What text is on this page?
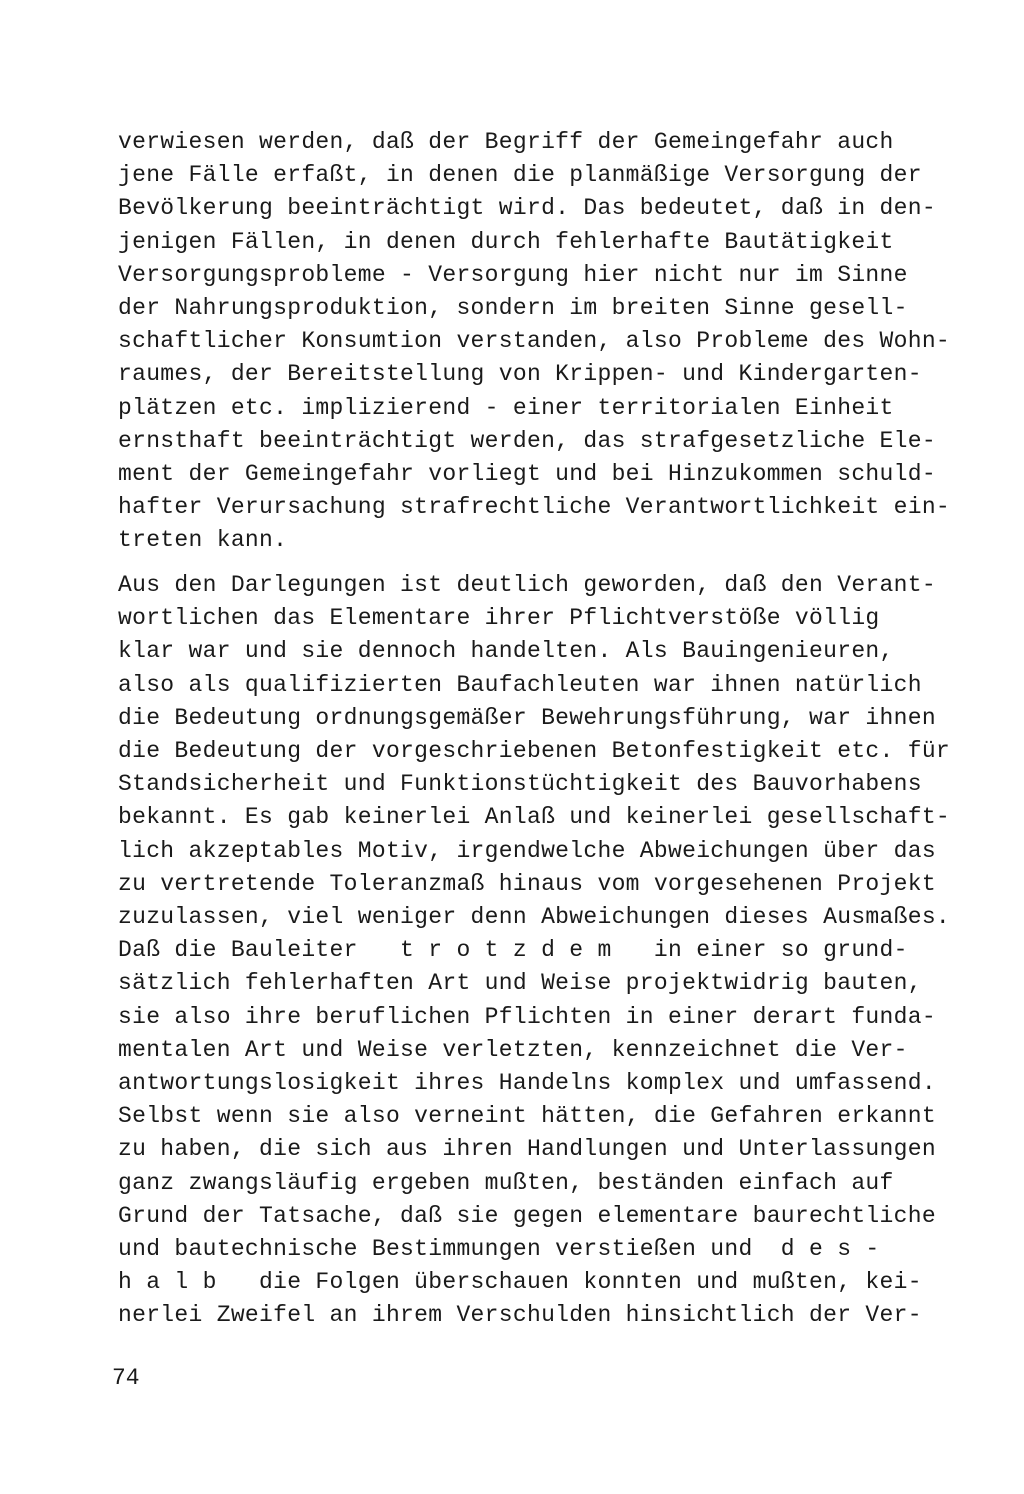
verwiesen werden, daß der Begriff der Gemeingefahr auch
jene Fälle erfaßt, in denen die planmäßige Versorgung der
Bevölkerung beeinträchtigt wird. Das bedeutet, daß in den-
jenigen Fällen, in denen durch fehlerhafte Bautätigkeit
Versorgungsprobleme - Versorgung hier nicht nur im Sinne
der Nahrungsproduktion, sondern im breiten Sinne gesell-
schaftlicher Konsumtion verstanden, also Probleme des Wohn-
raumes, der Bereitstellung von Krippen- und Kindergarten-
plätzen etc. implizierend - einer territorialen Einheit
ernsthaft beeinträchtigt werden, das strafgesetzliche Ele-
ment der Gemeingefahr vorliegt und bei Hinzukommen schuld-
hafter Verursachung strafrechtliche Verantwortlichkeit ein-
treten kann.
Aus den Darlegungen ist deutlich geworden, daß den Verant-
wortlichen das Elementare ihrer Pflichtverstöße völlig
klar war und sie dennoch handelten. Als Bauingenieuren,
also als qualifizierten Baufachleuten war ihnen natürlich
die Bedeutung ordnungsgemäßer Bewehrungsführung, war ihnen
die Bedeutung der vorgeschriebenen Betonfestigkeit etc. für
Standsicherheit und Funktionstüchtigkeit des Bauvorhabens
bekannt. Es gab keinerlei Anlaß und keinerlei gesellschaft-
lich akzeptables Motiv, irgendwelche Abweichungen über das
zu vertretende Toleranzmaß hinaus vom vorgesehenen Projekt
zuzulassen, viel weniger denn Abweichungen dieses Ausmaßes.
Daß die Bauleiter   t r o t z d e m   in einer so grund-
sätzlich fehlerhaften Art und Weise projektwidrig bauten,
sie also ihre beruflichen Pflichten in einer derart funda-
mentalen Art und Weise verletzten, kennzeichnet die Ver-
antwortungslosigkeit ihres Handelns komplex und umfassend.
Selbst wenn sie also verneint hätten, die Gefahren erkannt
zu haben, die sich aus ihren Handlungen und Unterlassungen
ganz zwangsläufig ergeben mußten, beständen einfach auf
Grund der Tatsache, daß sie gegen elementare baurechtliche
und bautechnische Bestimmungen verstießen und  d e s -
h a l b   die Folgen überschauen konnten und mußten, kei-
nerlei Zweifel an ihrem Verschulden hinsichtlich der Ver-
74
